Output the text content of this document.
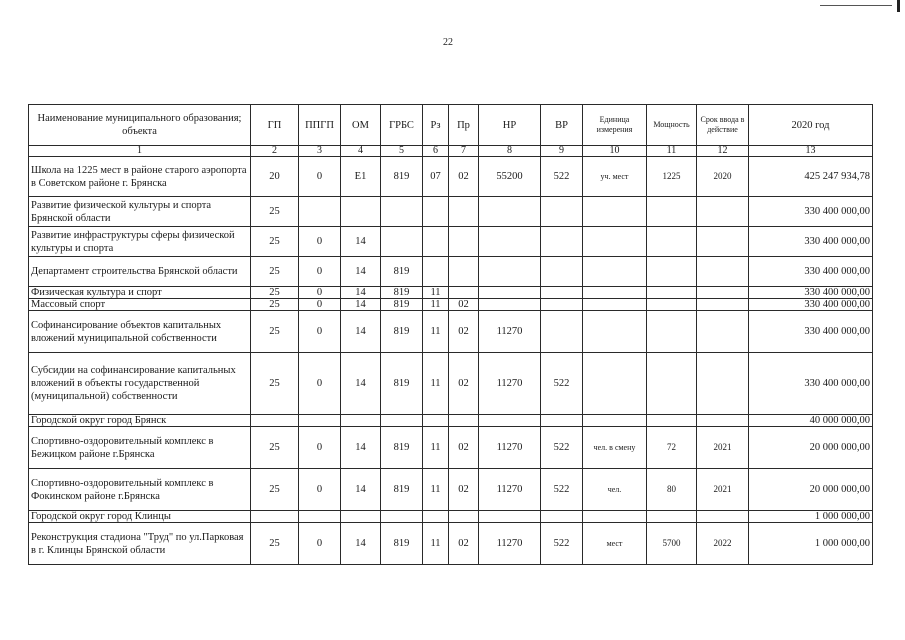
22
Наименование муниципального образования; объекта	ГП	ППГП	ОМ	ГРБС	Рз	Пр	НР	ВР	Единица измерения	Мощность	Срок ввода в действие	2020 год
1	2	3	4	5	6	7	8	9	10	11	12	13
Школа на 1225 мест в районе старого аэропорта в Советском районе г. Брянска	20	0	Е1	819	07	02	55200	522	уч. мест	1225	2020	425 247 934,78
Развитие физической культуры и спорта Брянской области	25											330 400 000,00
Развитие инфраструктуры сферы физической культуры и спорта	25	0	14									330 400 000,00
Департамент строительства Брянской области	25	0	14	819								330 400 000,00
Физическая культура и спорт	25	0	14	819	11							330 400 000,00
Массовый спорт	25	0	14	819	11	02						330 400 000,00
Софинансирование объектов капитальных вложений муниципальной собственности	25	0	14	819	11	02	11270					330 400 000,00
Субсидии на софинансирование капитальных вложений в объекты государственной (муниципальной) собственности	25	0	14	819	11	02	11270	522				330 400 000,00
Городской округ город Брянск												40 000 000,00
Спортивно-оздоровительный комплекс в Бежицком районе г.Брянска	25	0	14	819	11	02	11270	522	чел. в смену	72	2021	20 000 000,00
Спортивно-оздоровительный комплекс в Фокинском районе г.Брянска	25	0	14	819	11	02	11270	522	чел.	80	2021	20 000 000,00
Городской округ город Клинцы												1 000 000,00
Реконструкция стадиона "Труд" по ул.Парковая в г. Клинцы Брянской области	25	0	14	819	11	02	11270	522	мест	5700	2022	1 000 000,00
